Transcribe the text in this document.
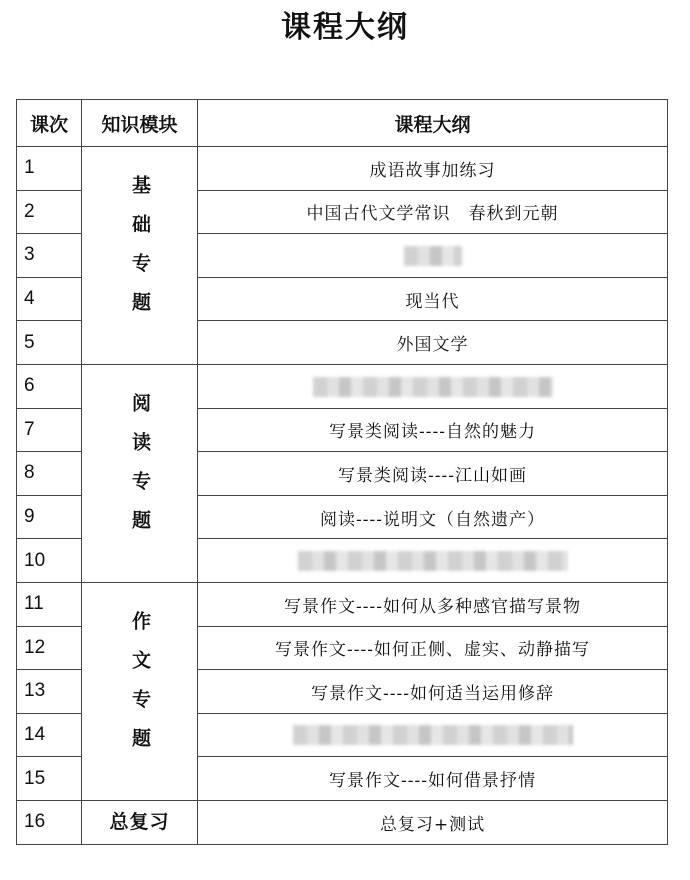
课程大纲
课次	知识模块	课程大纲
1	基础专题	成语故事加练习
2		中国古代文学常识　春秋到元朝
3		
4		现当代
5		外国文学
6	阅读专题	
7		写景类阅读----自然的魅力
8		写景类阅读----江山如画
9		阅读----说明文（自然遗产）
10		
11	作文专题	写景作文----如何从多种感官描写景物
12		写景作文----如何正侧、虚实、动静描写
13		写景作文----如何适当运用修辞
14		
15		写景作文----如何借景抒情
16	总复习	总复习+测试
